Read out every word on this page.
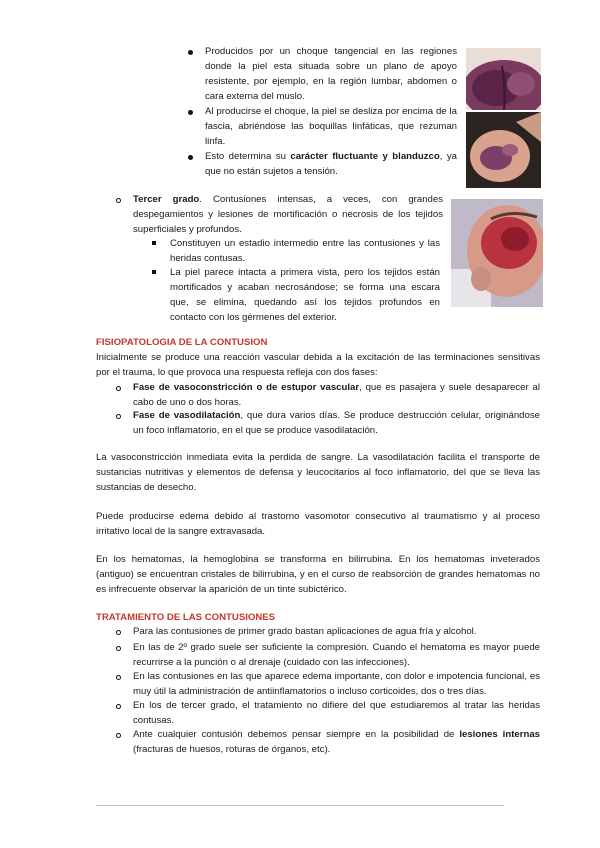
Producidos por un choque tangencial en las regiones donde la piel esta situada sobre un plano de apoyo resistente, por ejemplo, en la región lumbar, abdomen o cara externa del muslo.
Al producirse el choque, la piel se desliza por encima de la fascia, abriéndose las boquillas linfáticas, que rezuman linfa.
Esto determina su carácter fluctuante y blanduzco, ya que no están sujetos a tensión.
Tercer grado. Contusiones intensas, a veces, con grandes despegamientos y lesiones de mortificación o necrosis de los tejidos superficiales y profundos.
Constituyen un estadio intermedio entre las contusiones y las heridas contusas.
La piel parece intacta a primera vista, pero los tejidos están mortificados y acaban necrosándose; se forma una escara que, se elimina, quedando así los tejidos profundos en contacto con los gérmenes del exterior.
FISIOPATOLOGIA DE LA CONTUSION
Inicialmente se produce una reacción vascular debida a la excitación de las terminaciones sensitivas por el trauma, lo que provoca una respuesta refleja con dos fases:
Fase de vasoconstricción o de estupor vascular, que es pasajera y suele desaparecer al cabo de uno o dos horas.
Fase de vasodilatación, que dura varios días. Se produce destrucción celular, originándose un foco inflamatorio, en el que se produce vasodilatación.
La vasoconstricción inmediata evita la perdida de sangre. La vasodilatación facilita el transporte de sustancias nutritivas y elementos de defensa y leucocitarios al foco inflamatorio, del que se lleva las sustancias de desecho.
Puede producirse edema debido al trastorno vasomotor consecutivo al traumatismo y al proceso irritativo local de la sangre extravasada.
En los hematomas, la hemoglobina se transforma en bilirrubina. En los hematomas inveterados (antiguo) se encuentran cristales de bilirrubina, y en el curso de reabsorción de grandes hematomas no es infrecuente observar la aparición de un tinte subictérico.
TRATAMIENTO DE LAS CONTUSIONES
Para las contusiones de primer grado bastan aplicaciones de agua fría y alcohol.
En las de 2º grado suele ser suficiente la compresión. Cuando el hematoma es mayor puede recurrirse a la punción o al drenaje (cuidado con las infecciones).
En las contusiones en las que aparece edema importante, con dolor e impotencia funcional, es muy útil la administración de antiinflamatorios o incluso corticoides, dos o tres días.
En los de tercer grado, el tratamiento no difiere del que estudiaremos al tratar las heridas contusas.
Ante cualquier contusión debemos pensar siempre en la posibilidad de lesiones internas (fracturas de huesos, roturas de órganos, etc).
